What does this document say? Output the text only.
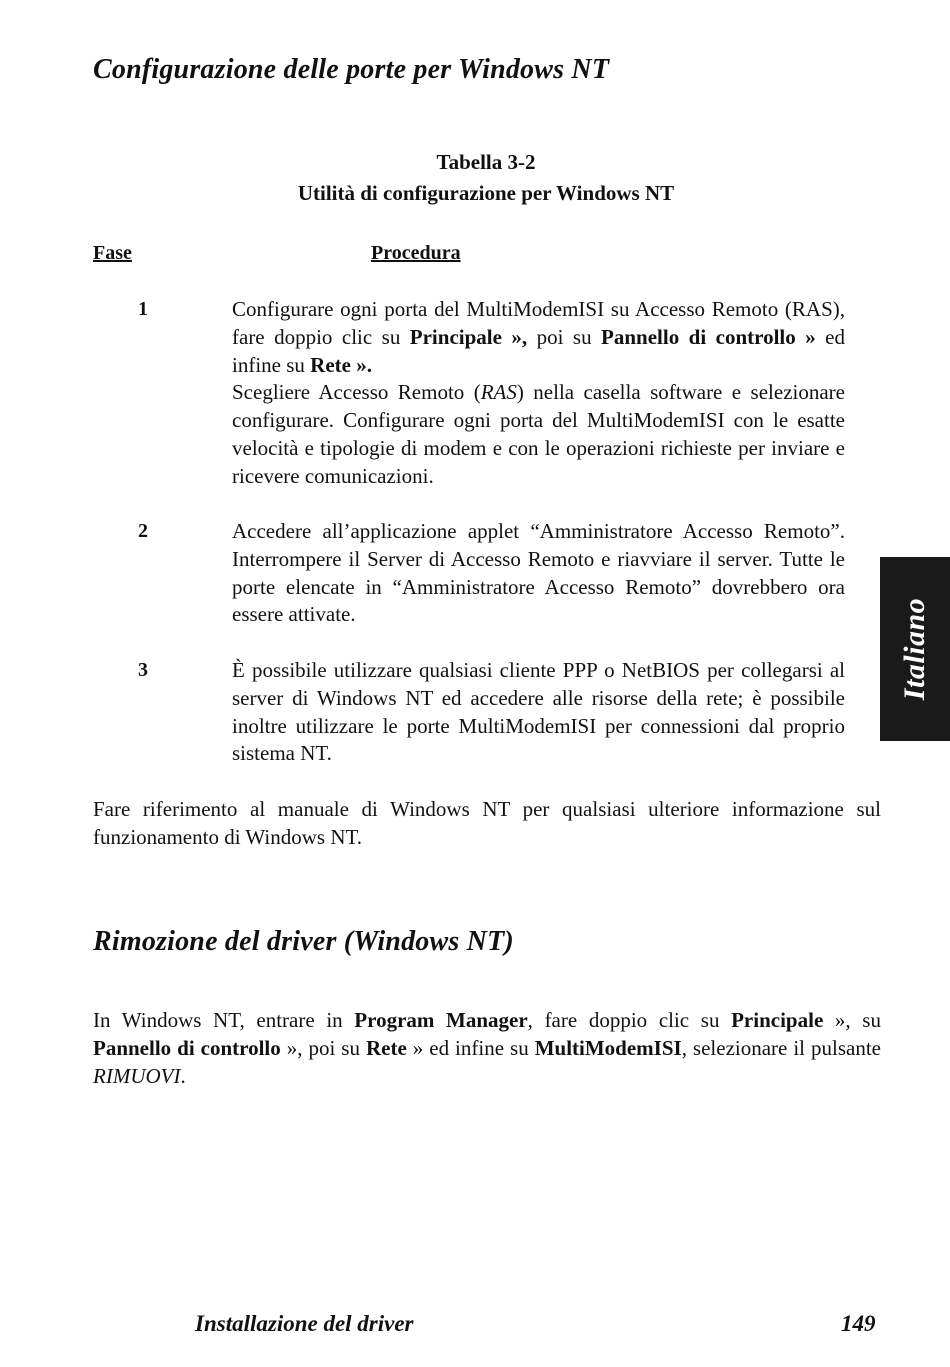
Configurazione delle porte per Windows NT
Tabella 3-2
Utilità di configurazione per Windows NT
Fase	Procedura
1	Configurare ogni porta del MultiModemISI su Accesso Remoto (RAS), fare doppio clic su Principale », poi su Pannello di controllo » ed infine su Rete ».
Scegliere Accesso Remoto (RAS) nella casella software e selezionare configurare. Configurare ogni porta del MultiModemISI con le esatte velocità e tipologie di modem e con le operazioni richieste per inviare e ricevere comunicazioni.
2	Accedere all’applicazione applet “Amministratore Accesso Remoto”. Interrompere il Server di Accesso Remoto e riavviare il server. Tutte le porte elencate in “Amministratore Accesso Remoto” dovrebbero ora essere attivate.
3	È possibile utilizzare qualsiasi cliente PPP o NetBIOS per collegarsi al server di Windows NT ed accedere alle risorse della rete; è possibile inoltre utilizzare le porte MultiModemISI per connessioni dal proprio sistema NT.
Fare riferimento al manuale di Windows NT per qualsiasi ulteriore informazione sul funzionamento di Windows NT.
Rimozione del driver (Windows NT)
In Windows NT, entrare in Program Manager, fare doppio clic su Principale », su Pannello di controllo », poi su Rete » ed infine su MultiModemISI, selezionare il pulsante RIMUOVI.
Italiano
Installazione del driver	149
